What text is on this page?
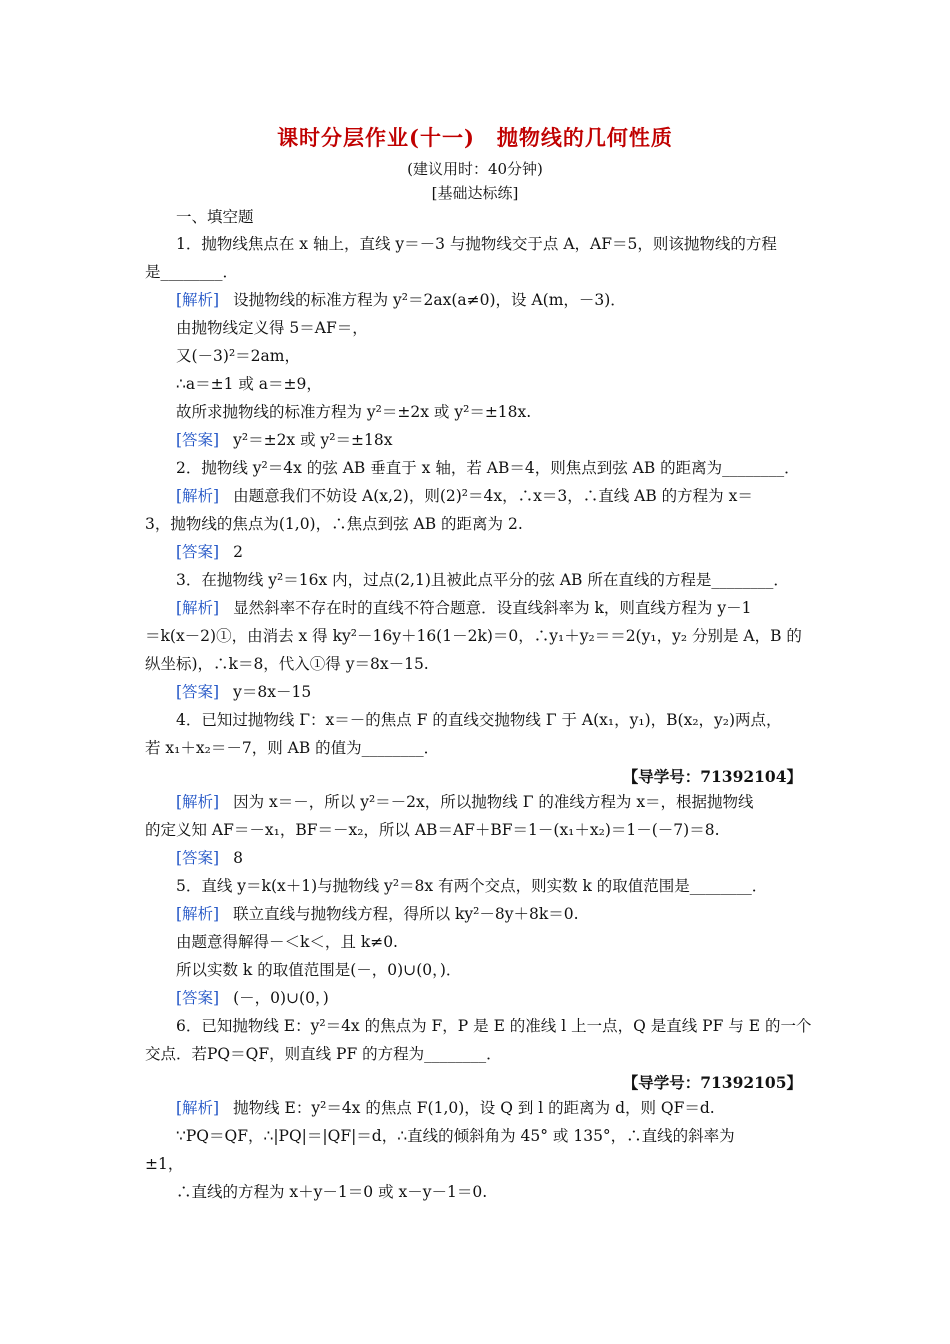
课时分层作业(十一)　抛物线的几何性质
(建议用时：40分钟)
[基础达标练]
一、填空题
1．抛物线焦点在 x 轴上，直线 y＝－3 与抛物线交于点 A，AF＝5，则该抛物线的方程
是________．
[解析] 设抛物线的标准方程为 y²＝2ax(a≠0)，设 A(m，－3)．
由抛物线定义得 5＝AF＝，
又(－3)²＝2am，
∴a＝±1 或 a＝±9，
故所求抛物线的标准方程为 y²＝±2x 或 y²＝±18x.
[答案] y²＝±2x 或 y²＝±18x
2．抛物线 y²＝4x 的弦 AB 垂直于 x 轴，若 AB＝4，则焦点到弦 AB 的距离为________．
[解析] 由题意我们不妨设 A(x,2)，则(2)²＝4x，∴x＝3，∴直线 AB 的方程为 x＝
3，抛物线的焦点为(1,0)，∴焦点到弦 AB 的距离为 2.
[答案] 2
3．在抛物线 y²＝16x 内，过点(2,1)且被此点平分的弦 AB 所在直线的方程是________．
[解析] 显然斜率不存在时的直线不符合题意．设直线斜率为 k，则直线方程为 y－1
＝k(x－2)①，由消去 x 得 ky²－16y＋16(1－2k)＝0，∴y₁＋y₂＝＝2(y₁，y₂ 分别是 A，B 的
纵坐标)，∴k＝8，代入①得 y＝8x－15.
[答案] y＝8x－15
4．已知过抛物线 Γ：x＝－的焦点 F 的直线交抛物线 Γ 于 A(x₁，y₁)，B(x₂，y₂)两点，
若 x₁＋x₂＝－7，则 AB 的值为________．
【导学号：71392104】
[解析] 因为 x＝－，所以 y²＝－2x，所以抛物线 Γ 的准线方程为 x＝，根据抛物线
的定义知 AF＝－x₁，BF＝－x₂，所以 AB＝AF＋BF＝1－(x₁＋x₂)＝1－(－7)＝8.
[答案] 8
5．直线 y＝k(x＋1)与抛物线 y²＝8x 有两个交点，则实数 k 的取值范围是________．
[解析] 联立直线与抛物线方程，得所以 ky²－8y＋8k＝0.
由题意得解得－＜k＜，且 k≠0.
所以实数 k 的取值范围是(－，0)∪(0，)．
[答案] (－，0)∪(0，)
6．已知抛物线 E：y²＝4x 的焦点为 F，P 是 E 的准线 l 上一点，Q 是直线 PF 与 E 的一个
交点．若PQ＝QF，则直线 PF 的方程为________．
【导学号：71392105】
[解析] 抛物线 E：y²＝4x 的焦点 F(1,0)，设 Q 到 l 的距离为 d，则 QF＝d.
∵PQ＝QF，∴|PQ|＝|QF|＝d，∴直线的倾斜角为 45° 或 135°，∴直线的斜率为
±1，
∴直线的方程为 x＋y－1＝0 或 x－y－1＝0.
